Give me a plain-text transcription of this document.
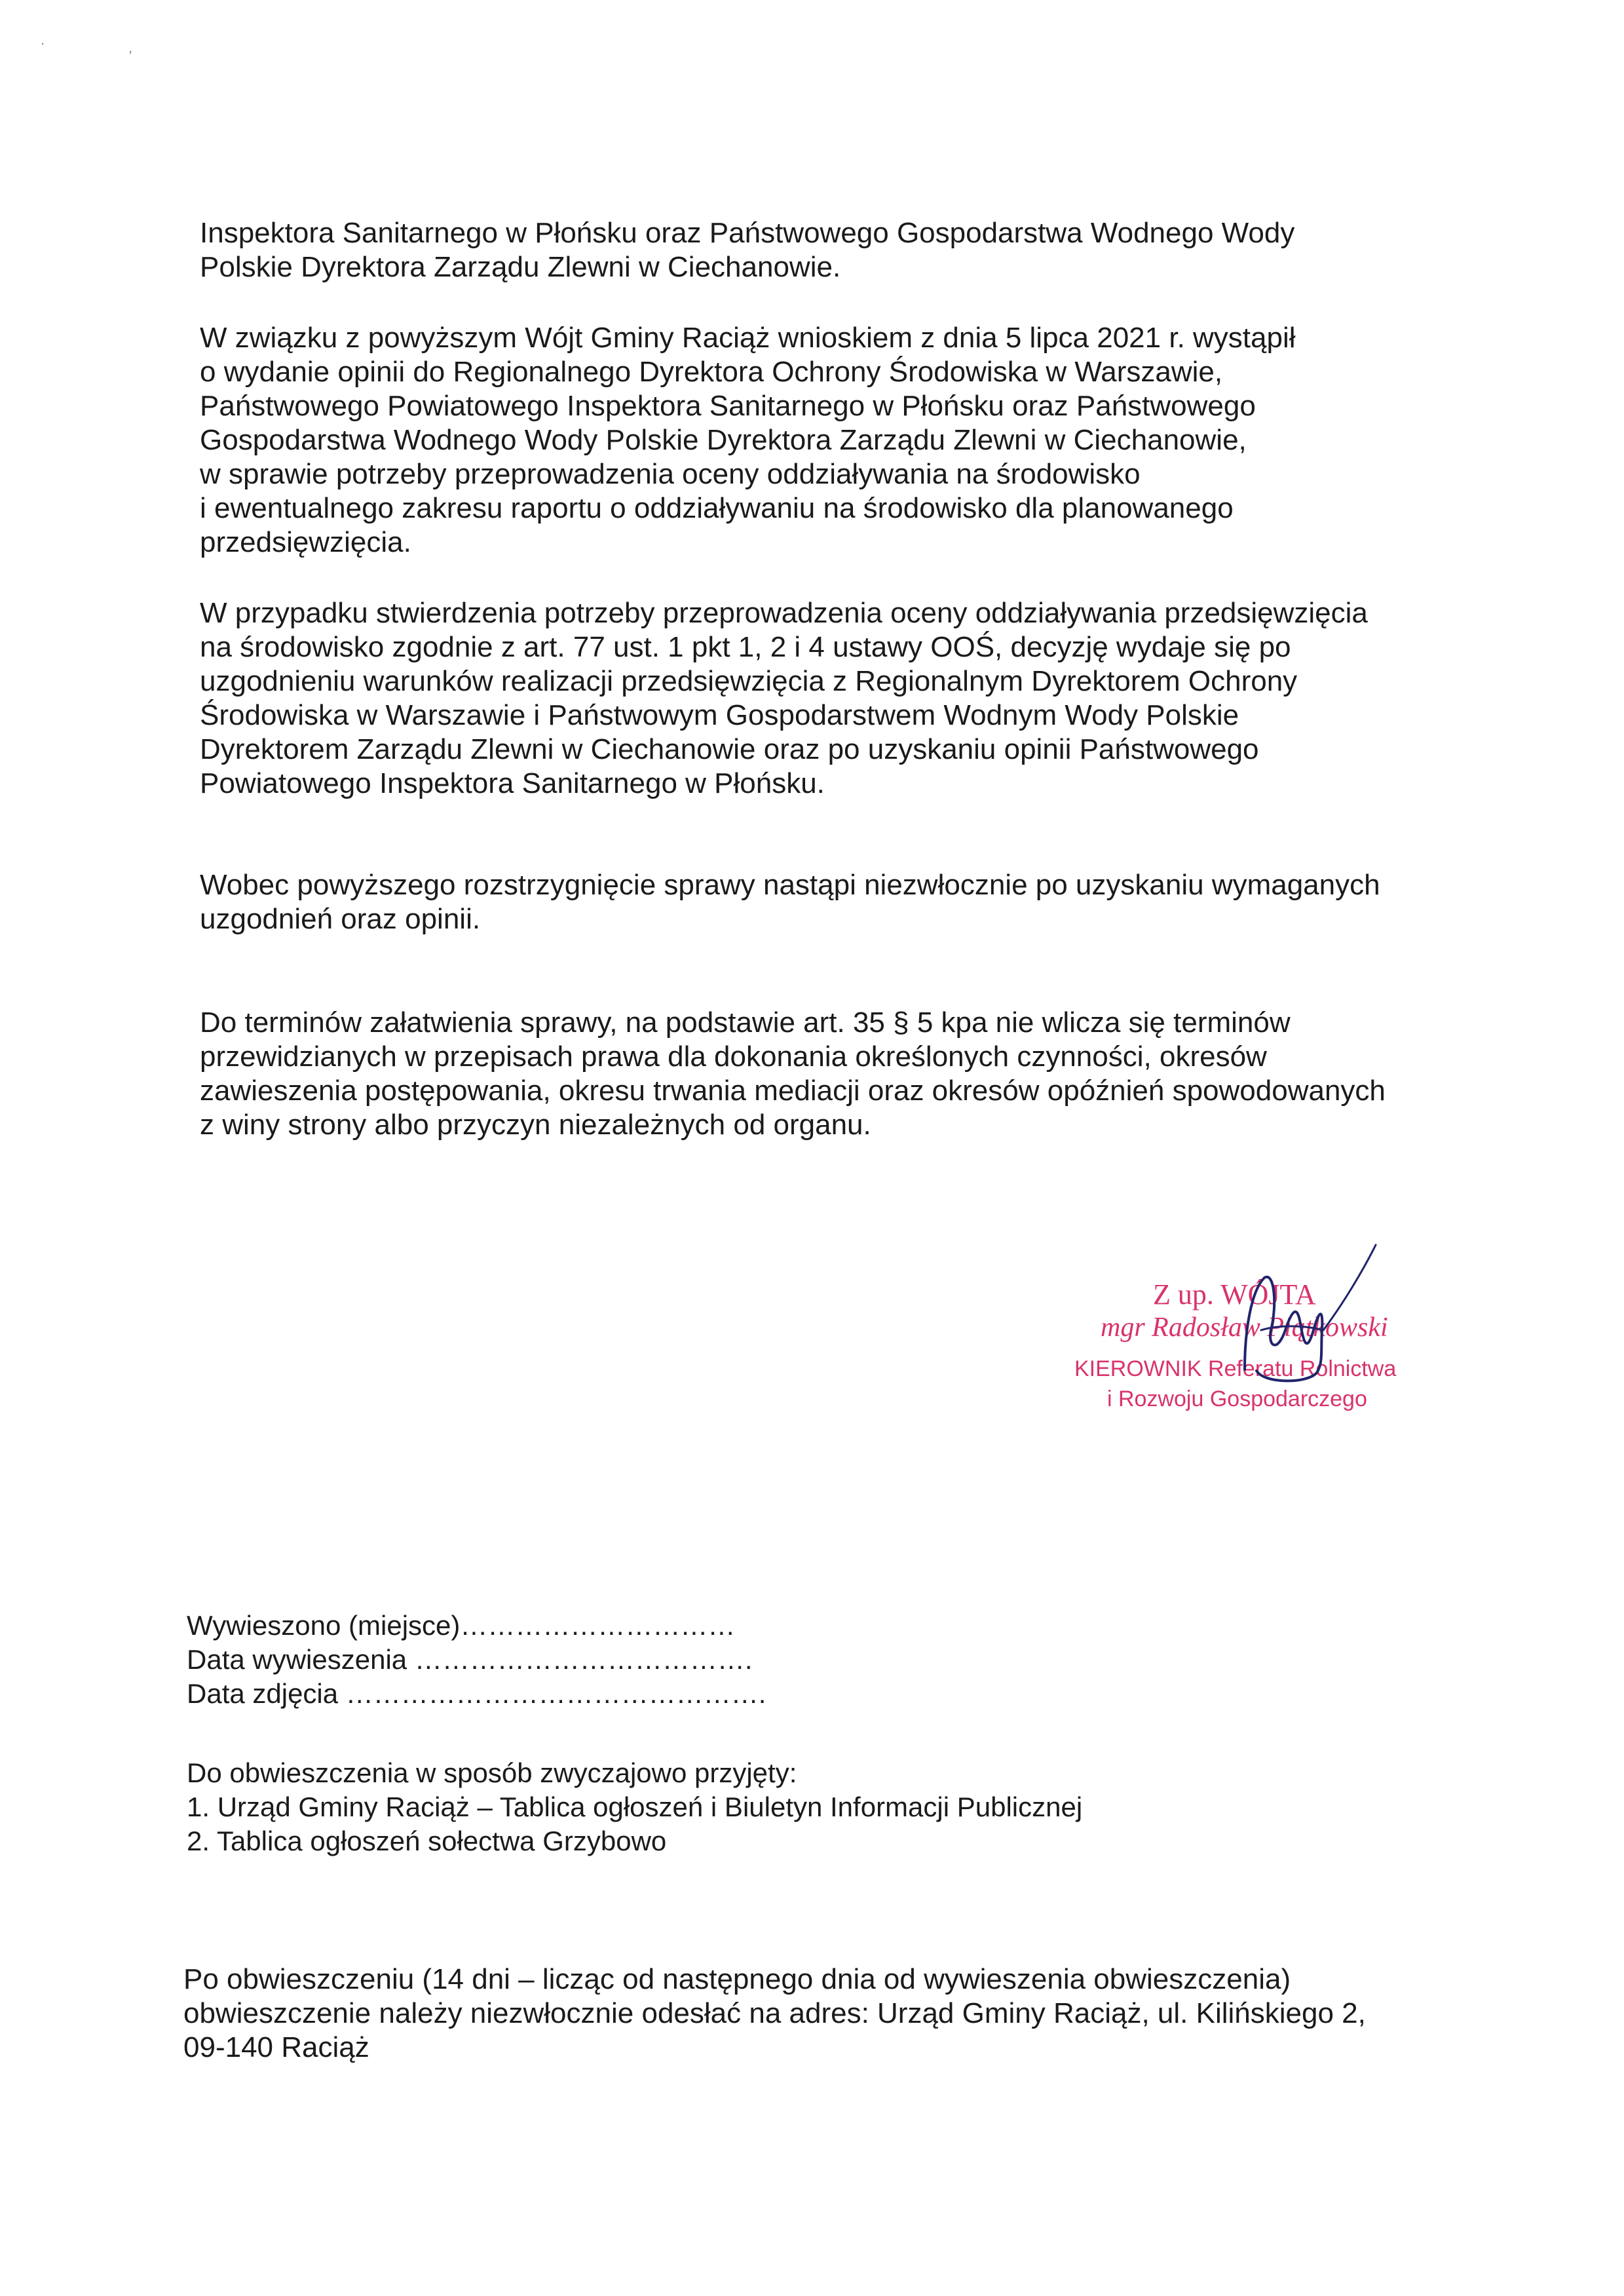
.	,
Inspektora Sanitarnego w Płońsku oraz Państwowego Gospodarstwa Wodnego Wody
Polskie Dyrektora Zarządu Zlewni w Ciechanowie.
W związku z powyższym Wójt Gminy Raciąż wnioskiem z dnia 5 lipca 2021 r. wystąpił
o wydanie opinii do Regionalnego Dyrektora Ochrony Środowiska w Warszawie,
Państwowego Powiatowego Inspektora Sanitarnego w Płońsku oraz Państwowego
Gospodarstwa Wodnego Wody Polskie Dyrektora Zarządu Zlewni w Ciechanowie,
w sprawie potrzeby przeprowadzenia oceny oddziaływania na środowisko
i ewentualnego zakresu raportu o oddziaływaniu na środowisko dla planowanego
przedsięwzięcia.
W przypadku stwierdzenia potrzeby przeprowadzenia oceny oddziaływania przedsięwzięcia
na środowisko zgodnie z art. 77 ust. 1 pkt 1, 2 i 4 ustawy OOŚ, decyzję wydaje się po
uzgodnieniu warunków realizacji przedsięwzięcia z Regionalnym Dyrektorem Ochrony
Środowiska w Warszawie i Państwowym Gospodarstwem Wodnym Wody Polskie
Dyrektorem Zarządu Zlewni w Ciechanowie oraz po uzyskaniu opinii Państwowego
Powiatowego Inspektora Sanitarnego w Płońsku.
Wobec powyższego rozstrzygnięcie sprawy nastąpi niezwłocznie po uzyskaniu wymaganych
uzgodnień oraz opinii.
Do terminów załatwienia sprawy, na podstawie art. 35 § 5 kpa nie wlicza się terminów
przewidzianych w przepisach prawa dla dokonania określonych czynności, okresów
zawieszenia postępowania, okresu trwania mediacji oraz okresów opóźnień spowodowanych
z winy strony albo przyczyn niezależnych od organu.
Z up. WÓJTA
mgr Radosław Piątkowski
KIEROWNIK Referatu Rolnictwa
i Rozwoju Gospodarczego
Wywieszono (miejsce)…………………………
Data wywieszenia ……………………………….
Data zdjęcia ……………………………………….
Do obwieszczenia w sposób zwyczajowo przyjęty:
1. Urząd Gminy Raciąż – Tablica ogłoszeń i Biuletyn Informacji Publicznej
2. Tablica ogłoszeń sołectwa Grzybowo
Po obwieszczeniu (14 dni – licząc od następnego dnia od wywieszenia obwieszczenia)
obwieszczenie należy niezwłocznie odesłać na adres: Urząd Gminy Raciąż, ul. Kilińskiego 2,
09-140 Raciąż
